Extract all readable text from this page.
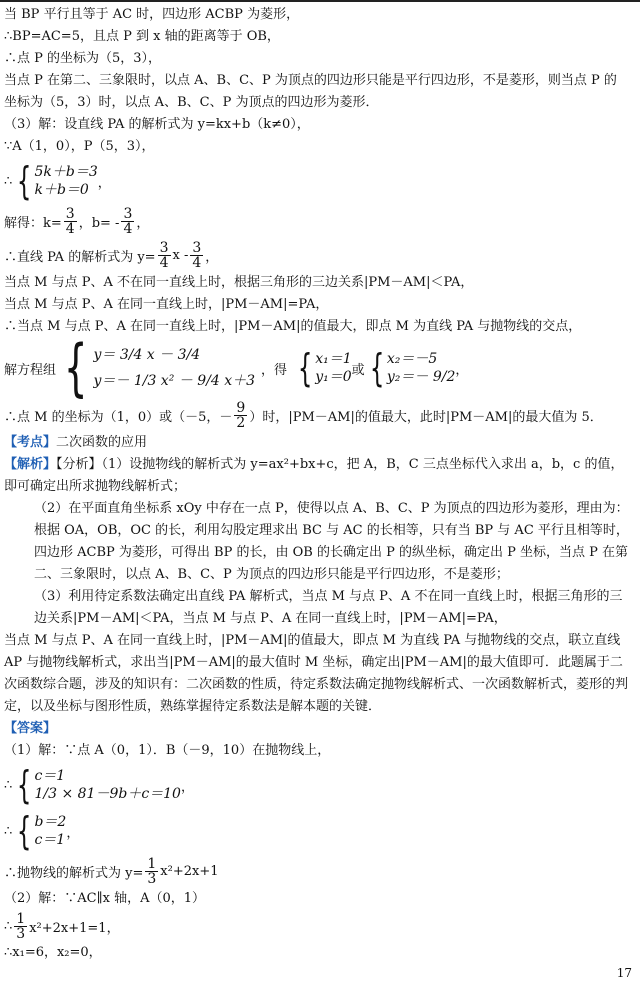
当 BP 平行且等于 AC 时，四边形 ACBP 为菱形，
∴BP=AC=5，且点 P 到 x 轴的距离等于 OB，
∴点 P 的坐标为（5，3），
当点 P 在第二、三象限时，以点 A、B、C、P 为顶点的四边形只能是平行四边形，不是菱形，则当点 P 的
坐标为（5，3）时，以点 A、B、C、P 为顶点的四边形为菱形．
（3）解：设直线 PA 的解析式为 y=kx+b（k≠0），
∵A（1，0），P（5，3），
∴ { 5k＋b＝3
k＋b＝0 ，
解得：$k= \frac{3}{4}$ ，$b= - \frac{3}{4}$ ，
∴直线 PA 的解析式为 $y= \frac{3}{4}$ x - $\frac{3}{4}$ ，
当点 M 与点 P、A 不在同一直线上时，根据三角形的三边关系|PM－AM|＜PA，
当点 M 与点 P、A 在同一直线上时，|PM－AM|=PA，
∴当点 M 与点 P、A 在同一直线上时，|PM－AM|的值最大，即点 M 为直线 PA 与抛物线的交点，
解方程组 { y＝ 3/4 x － 3/4
y＝－ 1/3 x² － 9/4 x＋3
，得 { x₁＝1
y₁＝0 或 { x₂＝－5
y₂＝－ 9/2 ，
∴点 M 的坐标为（1，0）或（－5，－ $\frac{9}{2}$ ）时，|PM－AM|的值最大，此时|PM－AM|的最大值为 5．
【考点】二次函数的应用
【解析】【分析】（1）设抛物线的解析式为 y=ax²+bx+c，把 A，B，C 三点坐标代入求出 a，b，c 的值，即可确定出所求抛物线解析式；
（2）在平面直角坐标系 xOy 中存在一点 P，使得以点 A、B、C、P 为顶点的四边形为菱形，理由为：根据 OA，OB，OC 的长，利用勾股定理求出 BC 与 AC 的长相等，只有当 BP 与 AC 平行且相等时，四边形 ACBP 为菱形，可得出 BP 的长，由 OB 的长确定出 P 的纵坐标，确定出 P 坐标，当点 P 在第二、三象限时，以点 A、B、C、P 为顶点的四边形只能是平行四边形，不是菱形；
（3）利用待定系数法确定出直线 PA 解析式，当点 M 与点 P、A 不在同一直线上时，根据三角形的三边关系|PM－AM|＜PA，当点 M 与点 P、A 在同一直线上时，|PM－AM|=PA，
当点 M 与点 P、A 在同一直线上时，|PM－AM|的值最大，即点 M 为直线 PA 与抛物线的交点，联立直线 AP 与抛物线解析式，求出当|PM－AM|的最大值时 M 坐标，确定出|PM－AM|的最大值即可．此题属于二次函数综合题，涉及的知识有：二次函数的性质，待定系数法确定抛物线解析式、一次函数解析式，菱形的判定，以及坐标与图形性质，熟练掌握待定系数法是解本题的关键．
【答案】
（1）解：∵点 A（0，1）．B（－9，10）在抛物线上，
∴ { c＝1
1/3 × 81－9b＋c＝10 ，
∴ { b＝2
c＝1 ，
∴抛物线的解析式为 $y= \frac{1}{3} x^2+2x+1$
（2）解：∵AC∥x 轴，A（0，1）
∴ $\frac{1}{3} x^2+2x+1=1$，
∴x₁=6，x₂=0，
17
